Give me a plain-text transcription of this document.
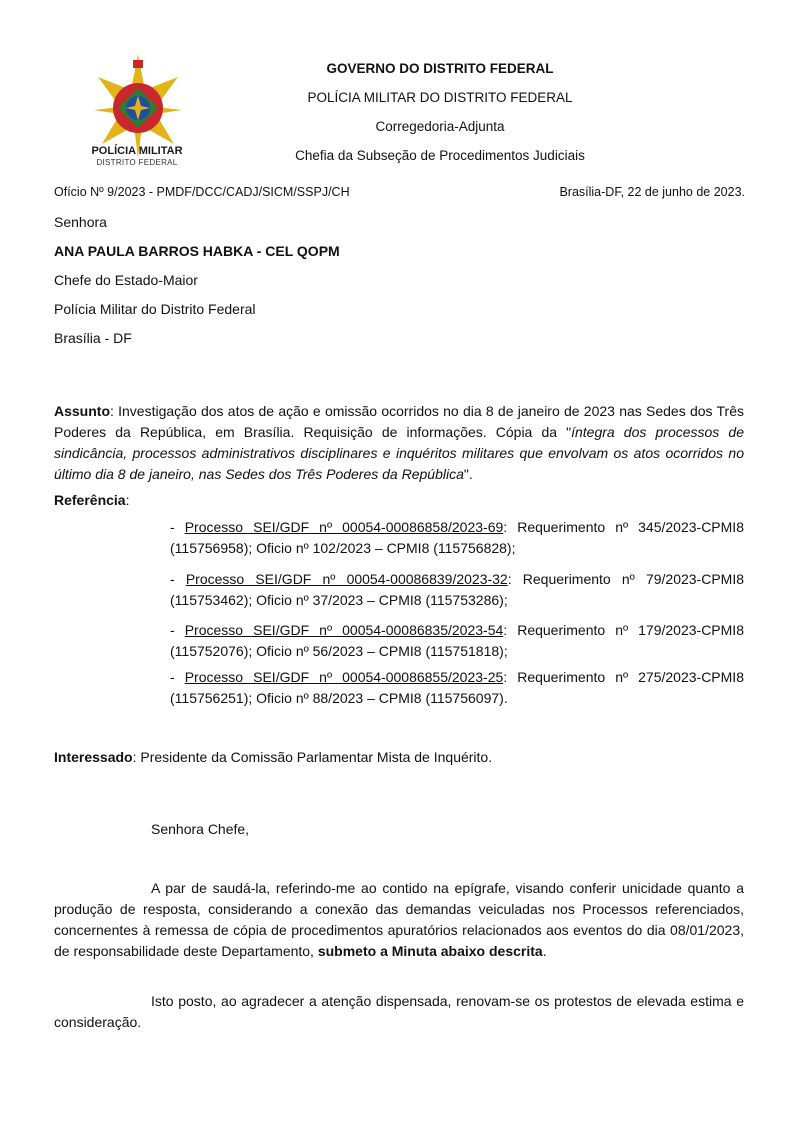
POLÍCIA MILITAR
DISTRITO FEDERAL
GOVERNO DO DISTRITO FEDERAL
POLÍCIA MILITAR DO DISTRITO FEDERAL
Corregedoria-Adjunta
Chefia da Subseção de Procedimentos Judiciais
Ofício Nº 9/2023 - PMDF/DCC/CADJ/SICM/SSPJ/CH	Brasília-DF, 22 de junho de 2023.
Senhora
ANA PAULA BARROS HABKA - CEL QOPM
Chefe do Estado-Maior
Polícia Militar do Distrito Federal
Brasília - DF
Assunto: Investigação dos atos de ação e omissão ocorridos no dia 8 de janeiro de 2023 nas Sedes dos Três Poderes da República, em Brasília. Requisição de informações. Cópia da "íntegra dos processos de sindicância, processos administrativos disciplinares e inquéritos militares que envolvam os atos ocorridos no último dia 8 de janeiro, nas Sedes dos Três Poderes da República".
Referência:
- Processo SEI/GDF nº 00054-00086858/2023-69: Requerimento nº 345/2023-CPMI8 (115756958); Oficio nº 102/2023 – CPMI8 (115756828);
- Processo SEI/GDF nº 00054-00086839/2023-32: Requerimento nº 79/2023-CPMI8 (115753462); Oficio nº 37/2023 – CPMI8 (115753286);
- Processo SEI/GDF nº 00054-00086835/2023-54: Requerimento nº 179/2023-CPMI8 (115752076); Oficio nº 56/2023 – CPMI8 (115751818);
- Processo SEI/GDF nº 00054-00086855/2023-25: Requerimento nº 275/2023-CPMI8 (115756251); Oficio nº 88/2023 – CPMI8 (115756097).
Interessado: Presidente da Comissão Parlamentar Mista de Inquérito.
Senhora Chefe,
A par de saudá-la, referindo-me ao contido na epígrafe, visando conferir unicidade quanto a produção de resposta, considerando a conexão das demandas veiculadas nos Processos referenciados, concernentes à remessa de cópia de procedimentos apuratórios relacionados aos eventos do dia 08/01/2023, de responsabilidade deste Departamento, submeto a Minuta abaixo descrita.
Isto posto, ao agradecer a atenção dispensada, renovam-se os protestos de elevada estima e consideração.
